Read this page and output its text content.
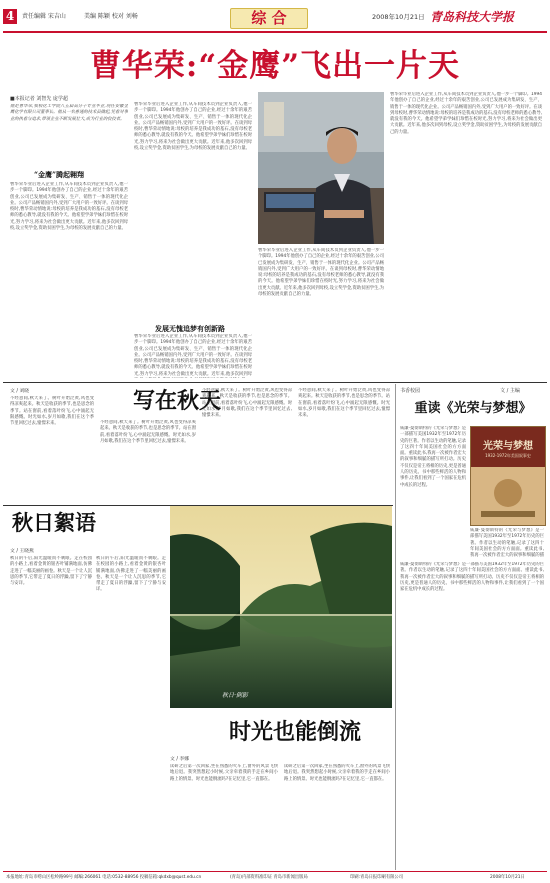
4	责任编辑 宋吉山	美编 陈颖 校对 刘畅	综 合	2008年10月21日 青岛科技大学报
曹华荣:“金鹰”飞出一片天
■本报记者 刘智先 庞学超
他是曹华荣,我校化工学院八五届高分子专业毕业,现任安徽金鹰化学有限公司董事长。他从一名普通的技术员做起,凭着对事业的执着与追求,带领企业不断发展壮大,成为行业的佼佼者。
“金鹰”腾起翱翔
曹华荣毕业后进入企业工作,从车间技术员到企业负责人,他一步一个脚印。1994年他创办了自己的企业,经过十余年的艰苦创业,公司已发展成为集研发、生产、销售于一体的现代化企业。公司产品畅销国内外,受到广大用户的一致好评。在谈到母校时,曹华荣动情地说:母校的培养是我成功的基石,没有母校老师的悉心教导,就没有我的今天。他希望学弟学妹们珍惜在校时光,努力学习,将来为社会做出更大贡献。近年来,他多次回到母校,设立奖学金,资助贫困学生,为母校的发展贡献自己的力量。
曹华荣毕业后进入企业工作,从车间技术员到企业负责人,他一步一个脚印。1994年他创办了自己的企业,经过十余年的艰苦创业,公司已发展成为集研发、生产、销售于一体的现代化企业。公司产品畅销国内外,受到广大用户的一致好评。在谈到母校时,曹华荣动情地说:母校的培养是我成功的基石,没有母校老师的悉心教导,就没有我的今天。他希望学弟学妹们珍惜在校时光,努力学习,将来为社会做出更大贡献。近年来,他多次回到母校,设立奖学金,资助贫困学生,为母校的发展贡献自己的力量。
曹华荣毕业后进入企业工作,从车间技术员到企业负责人,他一步一个脚印。1994年他创办了自己的企业,经过十余年的艰苦创业,公司已发展成为集研发、生产、销售于一体的现代化企业。公司产品畅销国内外,受到广大用户的一致好评。在谈到母校时,曹华荣动情地说:母校的培养是我成功的基石,没有母校老师的悉心教导,就没有我的今天。他希望学弟学妹们珍惜在校时光,努力学习,将来为社会做出更大贡献。近年来,他多次回到母
发展无愧追梦有创新路
曹华荣毕业后进入企业工作,从车间技术员到企业负责人,他一步一个脚印。1994年他创办了自己的企业,经过十余年的艰苦创业,公司已发展成为集研发、生产、销售于一体的现代化企业。公司产品畅销国内外,受到广大用户的一致好评。在谈到母校时,曹华荣动情地说:母校的培养是我成功的基石,没有母校老师的悉心教导,就没有我的今天。他希望学弟学妹们珍惜在校时光,努力学习,将来为社会做出更大贡献。近年来,他多次回到母校,设立奖学金,资助贫困学生,为母校的发展贡献自己的力量。
曹华荣毕业后进入企业工作,从车间技术员到企业负责人,他一步一个脚印。1994年他创办了自己的企业,经过十余年的艰苦创业,公司已发展成为集研发、生产、销售于一体的现代化企业。公司产品畅销国内外,受到广大用户的一致好评。在谈到母校时,曹华荣动情地说:母校的培养是我成功的基石,没有母校老师的悉心教导,就没有我的今天。他希望学弟学妹们珍惜在校时光,努力学习,将来为社会做出更大贡献。近年来,他多次回到母校,设立奖学金,资助贫困学生,为母校的发展贡献自己的力量。
文 / 刘晓
不经意间,秋天来了。树叶开始泛黄,风也变得凉爽起来。秋天是收获的季节,也是思念的季节。站在窗前,看着落叶纷飞,心中涌起无限感慨。时光如水,岁月如歌,我们在这个季节里回忆过去,憧憬未来。
写在秋天
不经意间,秋天来了。树叶开始泛黄,风也变得凉爽起来。秋天是收获的季节,也是思念的季节。站在窗前,看着落叶纷飞,心中涌起无限感慨。时光如水,岁月如歌,我们在这个季节里回忆过去,憧憬未来。
不经意间,秋天来了。树叶开始泛黄,风也变得凉爽起来。秋天是收获的季节,也是思念的季节。站在窗前,看着落叶纷飞,心中涌起无限感慨。时光如水,岁月如歌,我们在这个季节里回忆过去,憧憬未来。
不经意间,秋天来了。树叶开始泛黄,风也变得凉爽起来。秋天是收获的季节,也是思念的季节。站在窗前,看着落叶纷飞,心中涌起无限感慨。时光如水,岁月如歌,我们在这个季节里回忆过去,憧憬未来。
秋日絮语
文 / 王晓燕
秋日的午后,阳光温暖而不刺眼。走在校园的小路上,看着金黄的银杏叶铺满地面,仿佛走进了一幅美丽的画卷。秋天是一个让人沉思的季节,它带走了夏日的浮躁,留下了宁静与安详。
秋日的午后,阳光温暖而不刺眼。走在校园的小路上,看着金黄的银杏叶铺满地面,仿佛走进了一幅美丽的画卷。秋天是一个让人沉思的季节,它带走了夏日的浮躁,留下了宁静与安详。
秋日·倒影
时光也能倒流
文 / 李娜
读研之后第一次回家,坐在熟悉的火车上,窗外的风景飞快地后退。我突然想起小时候,父亲牵着我的手走在乡间小路上的情景。时光也能倒流吗?在记忆里,它一直都在。
读研之后第一次回家,坐在熟悉的火车上,窗外的风景飞快地后退。我突然想起小时候,父亲牵着我的手走在乡间小路上的情景。时光也能倒流吗?在记忆里,它一直都在。
书香校园	文 / 主编
重读《光荣与梦想》
威廉·曼彻斯特的《光荣与梦想》是一部描写美国1932年至1972年历史的巨著。作者以生动的笔触,记录了这四十年间美国社会的方方面面。重读此书,我再一次被作者宏大的叙事和细腻的描写所打动。历史不仅仅是帝王将相的历史,更是普通人的历史。书中那些鲜活的人物和事件,让我们看到了一个国家在危机中成长的过程。
光荣与梦想
1932-1972年美国叙事史
威廉·曼彻斯特的《光荣与梦想》是一部描写美国1932年至1972年历史的巨著。作者以生动的笔触,记录了这四十年间美国社会的方方面面。重读此书,我再一次被作者宏大的叙事和细腻的描
威廉·曼彻斯特的《光荣与梦想》是一部描写美国1932年至1972年历史的巨著。作者以生动的笔触,记录了这四十年间美国社会的方方面面。重读此书,我再一次被作者宏大的叙事和细腻的描写所打动。历史不仅仅是帝王将相的历史,更是普通人的历史。书中那些鲜活的人物和事件,让我们看到了一个国家在危机中成长的过程。
本报地址:青岛市崂山区松岭路99号 邮编:266061 电话:0532-88956 投稿信箱:qkdxb@qust.edu.cn	(青岛)内部资料准印证 青岛市新闻出版局	印刷:青岛日报印刷有限公司	2008年10月21日
